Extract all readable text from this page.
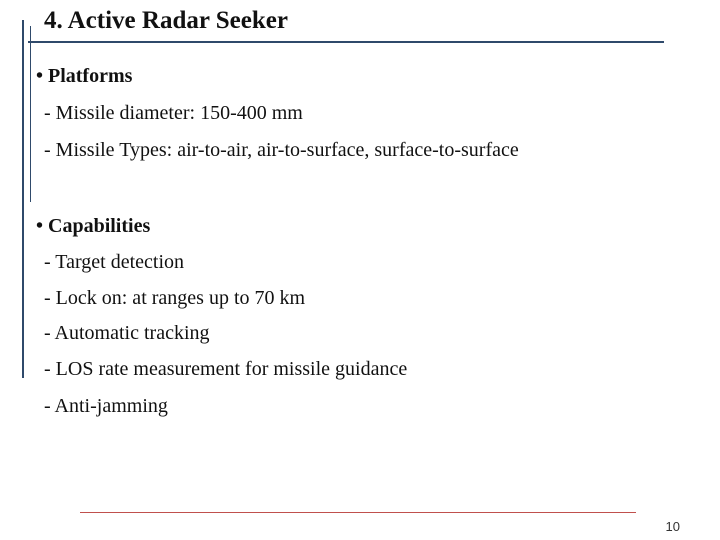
4. Active Radar Seeker
• Platforms
- Missile diameter: 150-400 mm
- Missile Types: air-to-air, air-to-surface, surface-to-surface
• Capabilities
- Target detection
- Lock on: at ranges up to 70 km
- Automatic tracking
- LOS rate measurement for missile guidance
- Anti-jamming
10
